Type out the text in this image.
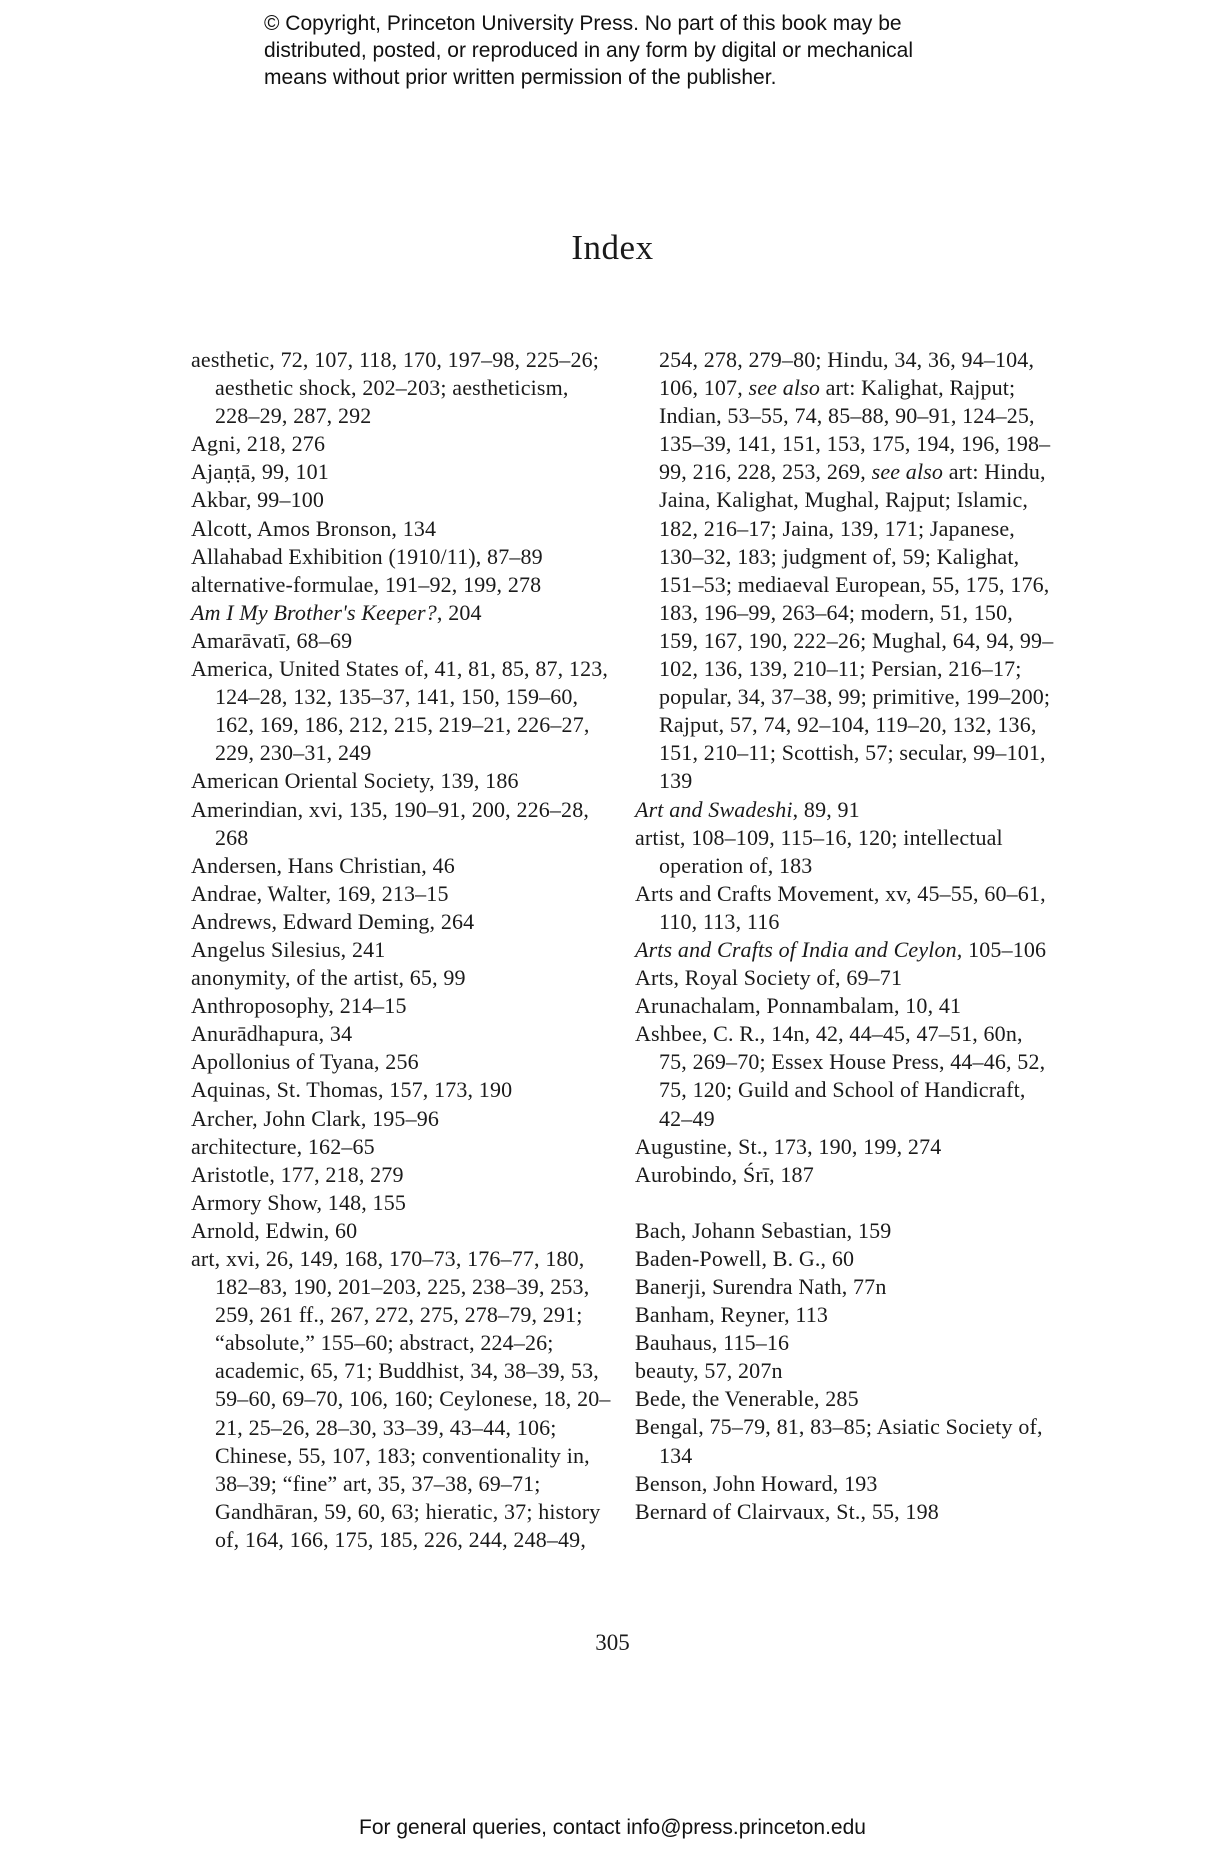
© Copyright, Princeton University Press. No part of this book may be
distributed, posted, or reproduced in any form by digital or mechanical
means without prior written permission of the publisher.
Index
aesthetic, 72, 107, 118, 170, 197–98, 225–26; aesthetic shock, 202–203; aestheticism, 228–29, 287, 292
Agni, 218, 276
Ajaṇṭā, 99, 101
Akbar, 99–100
Alcott, Amos Bronson, 134
Allahabad Exhibition (1910/11), 87–89
alternative-formulae, 191–92, 199, 278
Am I My Brother's Keeper?, 204
Amarāvatī, 68–69
America, United States of, 41, 81, 85, 87, 123, 124–28, 132, 135–37, 141, 150, 159–60, 162, 169, 186, 212, 215, 219–21, 226–27, 229, 230–31, 249
American Oriental Society, 139, 186
Amerindian, xvi, 135, 190–91, 200, 226–28, 268
Andersen, Hans Christian, 46
Andrae, Walter, 169, 213–15
Andrews, Edward Deming, 264
Angelus Silesius, 241
anonymity, of the artist, 65, 99
Anthroposophy, 214–15
Anurādhapura, 34
Apollonius of Tyana, 256
Aquinas, St. Thomas, 157, 173, 190
Archer, John Clark, 195–96
architecture, 162–65
Aristotle, 177, 218, 279
Armory Show, 148, 155
Arnold, Edwin, 60
art, xvi, 26, 149, 168, 170–73, 176–77, 180, 182–83, 190, 201–203, 225, 238–39, 253, 259, 261 ff., 267, 272, 275, 278–79, 291; “absolute,” 155–60; abstract, 224–26; academic, 65, 71; Buddhist, 34, 38–39, 53, 59–60, 69–70, 106, 160; Ceylonese, 18, 20–21, 25–26, 28–30, 33–39, 43–44, 106; Chinese, 55, 107, 183; conventionality in, 38–39; “fine” art, 35, 37–38, 69–71; Gandhāran, 59, 60, 63; hieratic, 37; history of, 164, 166, 175, 185, 226, 244, 248–49,
254, 278, 279–80; Hindu, 34, 36, 94–104, 106, 107, see also art: Kalighat, Rajput; Indian, 53–55, 74, 85–88, 90–91, 124–25, 135–39, 141, 151, 153, 175, 194, 196, 198–99, 216, 228, 253, 269, see also art: Hindu, Jaina, Kalighat, Mughal, Rajput; Islamic, 182, 216–17; Jaina, 139, 171; Japanese, 130–32, 183; judgment of, 59; Kalighat, 151–53; mediaeval European, 55, 175, 176, 183, 196–99, 263–64; modern, 51, 150, 159, 167, 190, 222–26; Mughal, 64, 94, 99–102, 136, 139, 210–11; Persian, 216–17; popular, 34, 37–38, 99; primitive, 199–200; Rajput, 57, 74, 92–104, 119–20, 132, 136, 151, 210–11; Scottish, 57; secular, 99–101, 139
Art and Swadeshi, 89, 91
artist, 108–109, 115–16, 120; intellectual operation of, 183
Arts and Crafts Movement, xv, 45–55, 60–61, 110, 113, 116
Arts and Crafts of India and Ceylon, 105–106
Arts, Royal Society of, 69–71
Arunachalam, Ponnambalam, 10, 41
Ashbee, C. R., 14n, 42, 44–45, 47–51, 60n, 75, 269–70; Essex House Press, 44–46, 52, 75, 120; Guild and School of Handicraft, 42–49
Augustine, St., 173, 190, 199, 274
Aurobindo, Śrī, 187
Bach, Johann Sebastian, 159
Baden-Powell, B. G., 60
Banerji, Surendra Nath, 77n
Banham, Reyner, 113
Bauhaus, 115–16
beauty, 57, 207n
Bede, the Venerable, 285
Bengal, 75–79, 81, 83–85; Asiatic Society of, 134
Benson, John Howard, 193
Bernard of Clairvaux, St., 55, 198
305
For general queries, contact info@press.princeton.edu
